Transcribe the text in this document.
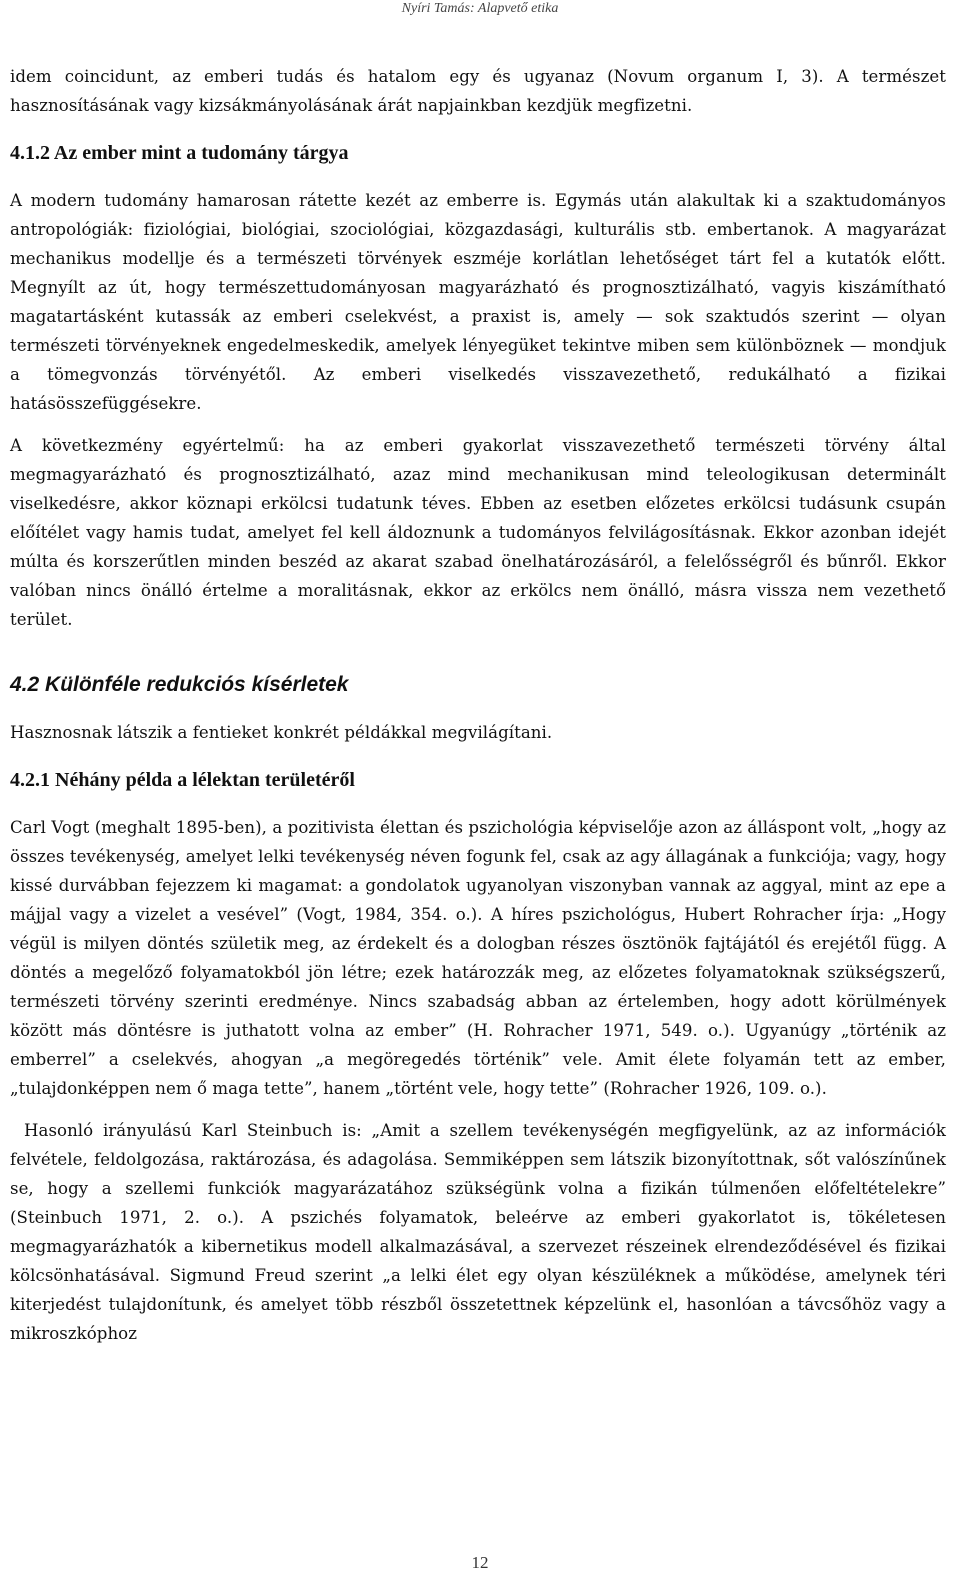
Nyíri Tamás: Alapvető etika

idem coincidunt, az emberi tudás és hatalom egy és ugyanaz (Novum organum I, 3). A természet hasznosításának vagy kizsákmányolásának árát napjainkban kezdjük megfizetni.

4.1.2 Az ember mint a tudomány tárgya

A modern tudomány hamarosan rátette kezét az emberre is. Egymás után alakultak ki a szaktudományos antropológiák: fiziológiai, biológiai, szociológiai, közgazdasági, kulturális stb. embertanok. A magyarázat mechanikus modellje és a természeti törvények eszméje korlátlan lehetőséget tárt fel a kutatók előtt. Megnyílt az út, hogy természettudományosan magyarázható és prognosztizálható, vagyis kiszámítható magatartásként kutassák az emberi cselekvést, a praxist is, amely — sok szaktudós szerint — olyan természeti törvényeknek engedelmeskedik, amelyek lényegüket tekintve miben sem különböznek — mondjuk a tömegvonzás törvényétől. Az emberi viselkedés visszavezethető, redukálható a fizikai hatásösszefüggésekre.

A következmény egyértelmű: ha az emberi gyakorlat visszavezethető természeti törvény által megmagyarázható és prognosztizálható, azaz mind mechanikusan mind teleologikusan determinált viselkedésre, akkor köznapi erkölcsi tudatunk téves. Ebben az esetben előzetes erkölcsi tudásunk csupán előítélet vagy hamis tudat, amelyet fel kell áldoznunk a tudományos felvilágosításnak. Ekkor azonban idejét múlta és korszerűtlen minden beszéd az akarat szabad önelhatározásáról, a felelősségről és bűnről. Ekkor valóban nincs önálló értelme a moralitásnak, ekkor az erkölcs nem önálló, másra vissza nem vezethető terület.

4.2 Különféle redukciós kísérletek

Hasznosnak látszik a fentieket konkrét példákkal megvilágítani.

4.2.1 Néhány példa a lélektan területéről

Carl Vogt (meghalt 1895-ben), a pozitivista élettan és pszichológia képviselője azon az álláspont volt, „hogy az összes tevékenység, amelyet lelki tevékenység néven fogunk fel, csak az agy állagának a funkciója; vagy, hogy kissé durvábban fejezzem ki magamat: a gondolatok ugyanolyan viszonyban vannak az aggyal, mint az epe a májjal vagy a vizelet a vesével” (Vogt, 1984, 354. o.). A híres pszichológus, Hubert Rohracher írja: „Hogy végül is milyen döntés születik meg, az érdekelt és a dologban részes ösztönök fajtájától és erejétől függ. A döntés a megelőző folyamatokból jön létre; ezek határozzák meg, az előzetes folyamatoknak szükségszerű, természeti törvény szerinti eredménye. Nincs szabadság abban az értelemben, hogy adott körülmények között más döntésre is juthatott volna az ember” (H. Rohracher 1971, 549. o.). Ugyanúgy „történik az emberrel” a cselekvés, ahogyan „a megöregedés történik” vele. Amit élete folyamán tett az ember, „tulajdonképpen nem ő maga tette”, hanem „történt vele, hogy tette” (Rohracher 1926, 109. o.).

Hasonló irányulású Karl Steinbuch is: „Amit a szellem tevékenységén megfigyelünk, az az információk felvétele, feldolgozása, raktározása, és adagolása. Semmiképpen sem látszik bizonyítottnak, sőt valószínűnek se, hogy a szellemi funkciók magyarázatához szükségünk volna a fizikán túlmenően előfeltételekre” (Steinbuch 1971, 2. o.). A pszichés folyamatok, beleérve az emberi gyakorlatot is, tökéletesen megmagyarázhatók a kibernetikus modell alkalmazásával, a szervezet részeinek elrendeződésével és fizikai kölcsönhatásával. Sigmund Freud szerint „a lelki élet egy olyan készüléknek a működése, amelynek téri kiterjedést tulajdonítunk, és amelyet több részből összetettnek képzelünk el, hasonlóan a távcsőhöz vagy a mikroszkóphoz

12
